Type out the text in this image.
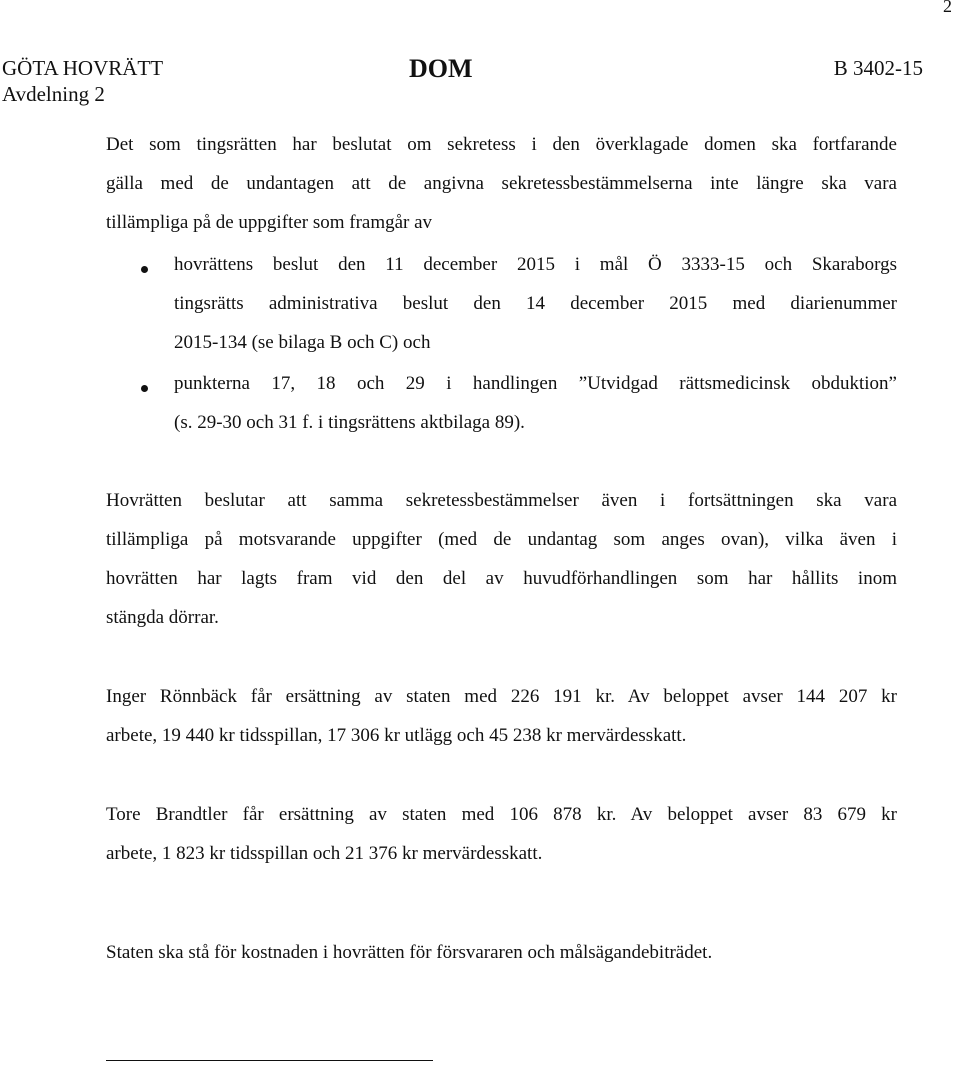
2
GÖTA HOVRÄTT
Avdelning 2
DOM	B 3402-15
Det som tingsrätten har beslutat om sekretess i den överklagade domen ska fortfarande
gälla med de undantagen att de angivna sekretessbestämmelserna inte längre ska vara
tillämpliga på de uppgifter som framgår av
hovrättens beslut den 11 december 2015 i mål Ö 3333-15 och Skaraborgs
tingsrätts administrativa beslut den 14 december 2015 med diarienummer
2015-134 (se bilaga B och C) och
punkterna 17, 18 och 29 i handlingen ”Utvidgad rättsmedicinsk obduktion”
(s. 29-30 och 31 f. i tingsrättens aktbilaga 89).
Hovrätten beslutar att samma sekretessbestämmelser även i fortsättningen ska vara
tillämpliga på motsvarande uppgifter (med de undantag som anges ovan), vilka även i
hovrätten har lagts fram vid den del av huvudförhandlingen som har hållits inom
stängda dörrar.
Inger Rönnbäck får ersättning av staten med 226 191 kr. Av beloppet avser 144 207 kr
arbete, 19 440 kr tidsspillan, 17 306 kr utlägg och 45 238 kr mervärdesskatt.
Tore Brandtler får ersättning av staten med 106 878 kr. Av beloppet avser 83 679 kr
arbete, 1 823 kr tidsspillan och 21 376 kr mervärdesskatt.
Staten ska stå för kostnaden i hovrätten för försvararen och målsägandebiträdet.
